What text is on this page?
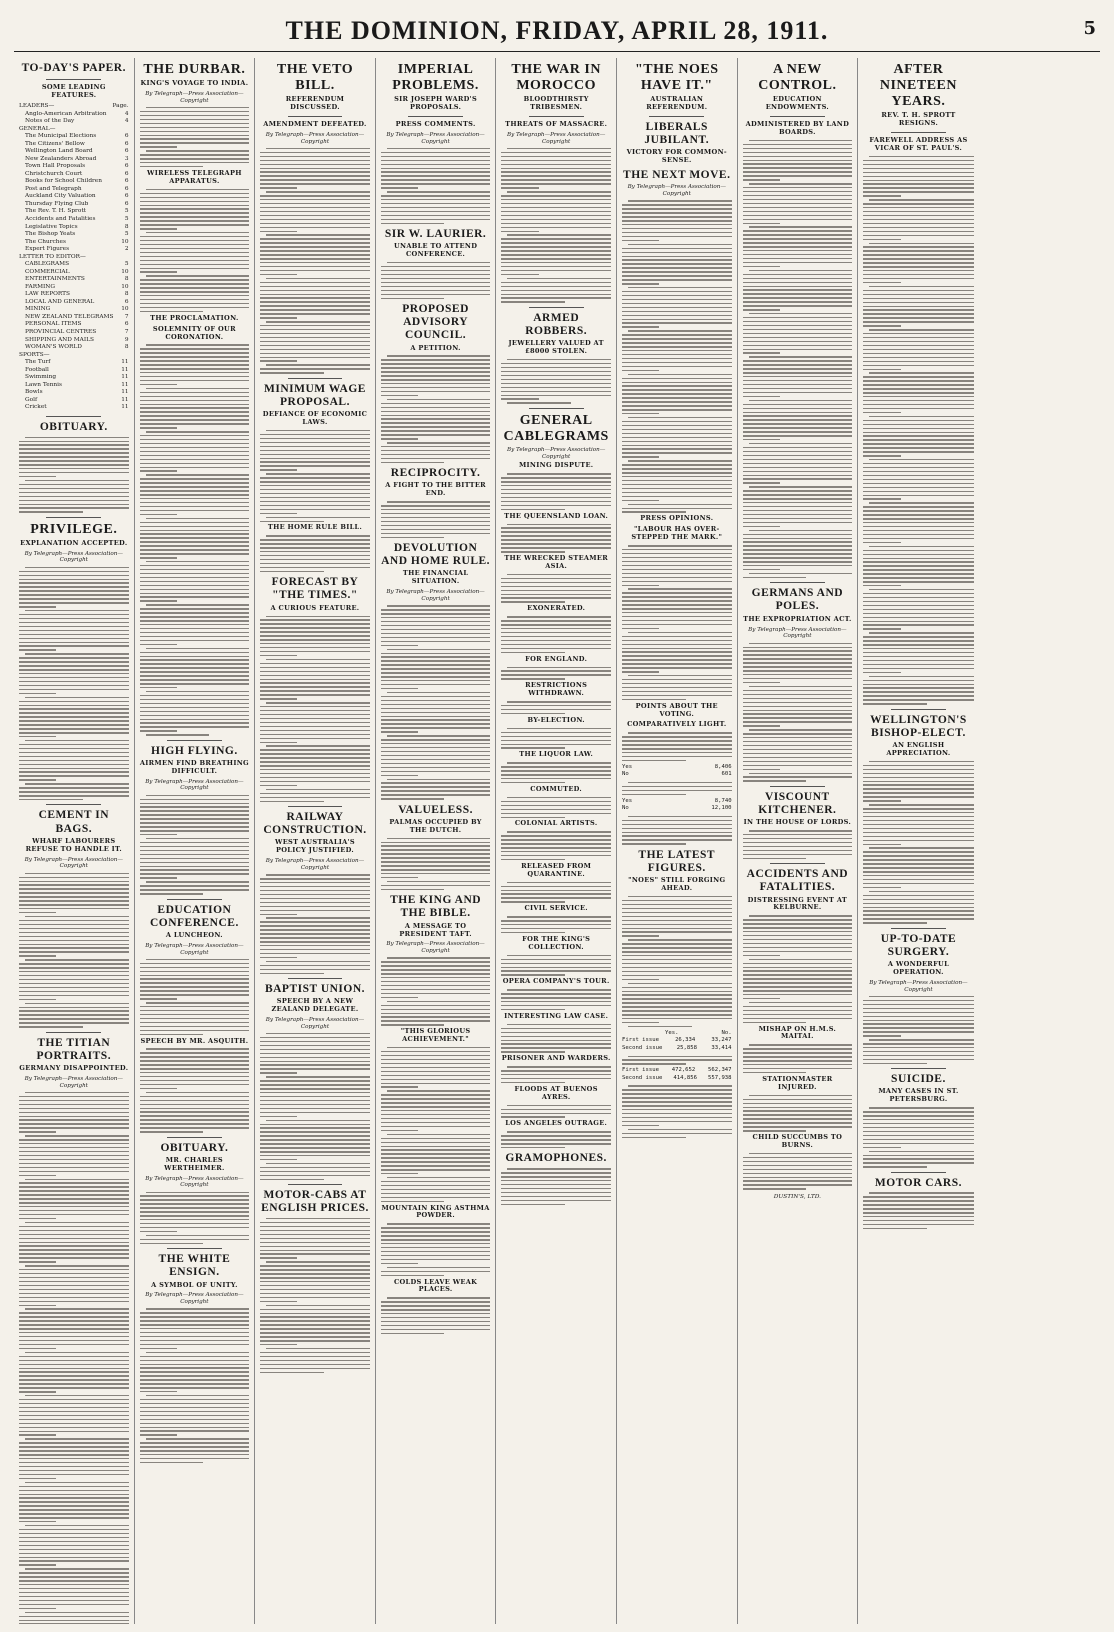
THE DOMINION, FRIDAY, APRIL 28, 1911.	5
TO-DAY'S PAPER.
SOME LEADING FEATURES.
LEADERS—	Page.
Anglo-American Arbitration	4
Notes of the Day	4
GENERAL—
The Municipal Elections	6
The Citizens' Bellow	6
Wellington Land Board	6
New Zealanders Abroad	3
Town Hall Proposals	6
Christchurch Court	6
Books for School Children	6
Post and Telegraph	6
Auckland City Valuation	6
Thursday Flying Club	6
The Rev. T. H. Sprott	5
Accidents and Fatalities	5
Legislative Topics	8
The Bishop Yeats	5
The Churches	10
Expert Figures	2
LETTER TO EDITOR—
CABLEGRAMS	5
COMMERCIAL	10
ENTERTAINMENTS	8
FARMING	10
LAW REPORTS	8
LOCAL AND GENERAL	6
MINING	10
NEW ZEALAND TELEGRAMS 7
PERSONAL ITEMS	6
PROVINCIAL CENTRES	7
SHIPPING AND MAILS	9
WOMAN'S WORLD	8
SPORTS—
The Turf	11
Football	11
Swimming	11
Lawn Tennis	11
Bowls	11
Golf	11
Cricket	11
OBITUARY.
PRIVILEGE.
EXPLANATION ACCEPTED.
By Telegraph—Press Association—Copyright
CEMENT IN BAGS.
WHARF LABOURERS REFUSE TO HANDLE IT.
By Telegraph—Press Association—Copyright
THE TITIAN PORTRAITS.
GERMANY DISAPPOINTED.
By Telegraph—Press Association—Copyright
THE DURBAR.
KING'S VOYAGE TO INDIA.
By Telegraph—Press Association—Copyright
WIRELESS TELEGRAPH APPARATUS.
THE PROCLAMATION.
SOLEMNITY OF OUR CORONATION.
HIGH FLYING.
AIRMEN FIND BREATHING DIFFICULT.
By Telegraph—Press Association—Copyright
EDUCATION CONFERENCE.
A LUNCHEON.
By Telegraph—Press Association—Copyright
SPEECH BY MR. ASQUITH.
OBITUARY.
MR. CHARLES WERTHEIMER.
By Telegraph—Press Association—Copyright
THE WHITE ENSIGN.
A SYMBOL OF UNITY.
By Telegraph—Press Association—Copyright
THE VETO BILL.
REFERENDUM DISCUSSED.
AMENDMENT DEFEATED.
By Telegraph—Press Association—Copyright
MINIMUM WAGE PROPOSAL.
DEFIANCE OF ECONOMIC LAWS.
THE HOME RULE BILL.
FORECAST BY "THE TIMES."
A CURIOUS FEATURE.
RAILWAY CONSTRUCTION.
WEST AUSTRALIA'S POLICY JUSTIFIED.
By Telegraph—Press Association—Copyright
BAPTIST UNION.
SPEECH BY A NEW ZEALAND DELEGATE.
By Telegraph—Press Association—Copyright
MOTOR-CABS AT ENGLISH PRICES.
IMPERIAL PROBLEMS.
SIR JOSEPH WARD'S PROPOSALS.
PRESS COMMENTS.
By Telegraph—Press Association—Copyright
SIR W. LAURIER.
UNABLE TO ATTEND CONFERENCE.
PROPOSED ADVISORY COUNCIL.
A PETITION.
RECIPROCITY.
A FIGHT TO THE BITTER END.
DEVOLUTION AND HOME RULE.
THE FINANCIAL SITUATION.
By Telegraph—Press Association—Copyright
VALUELESS.
PALMAS OCCUPIED BY THE DUTCH.
THE KING AND THE BIBLE.
A MESSAGE TO PRESIDENT TAFT.
By Telegraph—Press Association—Copyright
"THIS GLORIOUS ACHIEVEMENT."
MOUNTAIN KING ASTHMA POWDER.
COLDS LEAVE WEAK PLACES.
THE WAR IN MOROCCO
BLOODTHIRSTY TRIBESMEN.
THREATS OF MASSACRE.
By Telegraph—Press Association—Copyright
ARMED ROBBERS.
JEWELLERY VALUED AT £8000 STOLEN.
GENERAL CABLEGRAMS
By Telegraph—Press Association—Copyright
MINING DISPUTE.
THE QUEENSLAND LOAN.
THE WRECKED STEAMER ASIA.
EXONERATED.
FOR ENGLAND.
RESTRICTIONS WITHDRAWN.
BY-ELECTION.
THE LIQUOR LAW.
COMMUTED.
COLONIAL ARTISTS.
RELEASED FROM QUARANTINE.
CIVIL SERVICE.
FOR THE KING'S COLLECTION.
OPERA COMPANY'S TOUR.
INTERESTING LAW CASE.
PRISONER AND WARDERS.
FLOODS AT BUENOS AYRES.
LOS ANGELES OUTRAGE.
GRAMOPHONES.
"THE NOES HAVE IT."
AUSTRALIAN REFERENDUM.
LIBERALS JUBILANT.
VICTORY FOR COMMON-SENSE.
THE NEXT MOVE.
By Telegraph—Press Association—Copyright
PRESS OPINIONS.
"LABOUR HAS OVER-STEPPED THE MARK."
POINTS ABOUT THE VOTING.
COMPARATIVELY LIGHT.
Yes	8,406
No	601
Yes	8,740
No	12,100
THE LATEST FIGURES.
"NOES" STILL FORGING AHEAD.
Yes.	No.
First issue	26,334	33,247
Second issue	25,858	33,414
First issue 472,652 562,347
Second issue 414,856 557,938
A NEW CONTROL.
EDUCATION ENDOWMENTS.
ADMINISTERED BY LAND BOARDS.
GERMANS AND POLES.
THE EXPROPRIATION ACT.
By Telegraph—Press Association—Copyright
VISCOUNT KITCHENER.
IN THE HOUSE OF LORDS.
ACCIDENTS AND FATALITIES.
DISTRESSING EVENT AT KELBURNE.
MISHAP ON H.M.S. MAITAI.
STATIONMASTER INJURED.
CHILD SUCCUMBS TO BURNS.
DUSTIN'S, LTD.
AFTER NINETEEN YEARS.
REV. T. H. SPROTT RESIGNS.
FAREWELL ADDRESS AS VICAR OF ST. PAUL'S.
WELLINGTON'S BISHOP-ELECT.
AN ENGLISH APPRECIATION.
UP-TO-DATE SURGERY.
A WONDERFUL OPERATION.
By Telegraph—Press Association—Copyright
SUICIDE.
MANY CASES IN ST. PETERSBURG.
MOTOR CARS.
